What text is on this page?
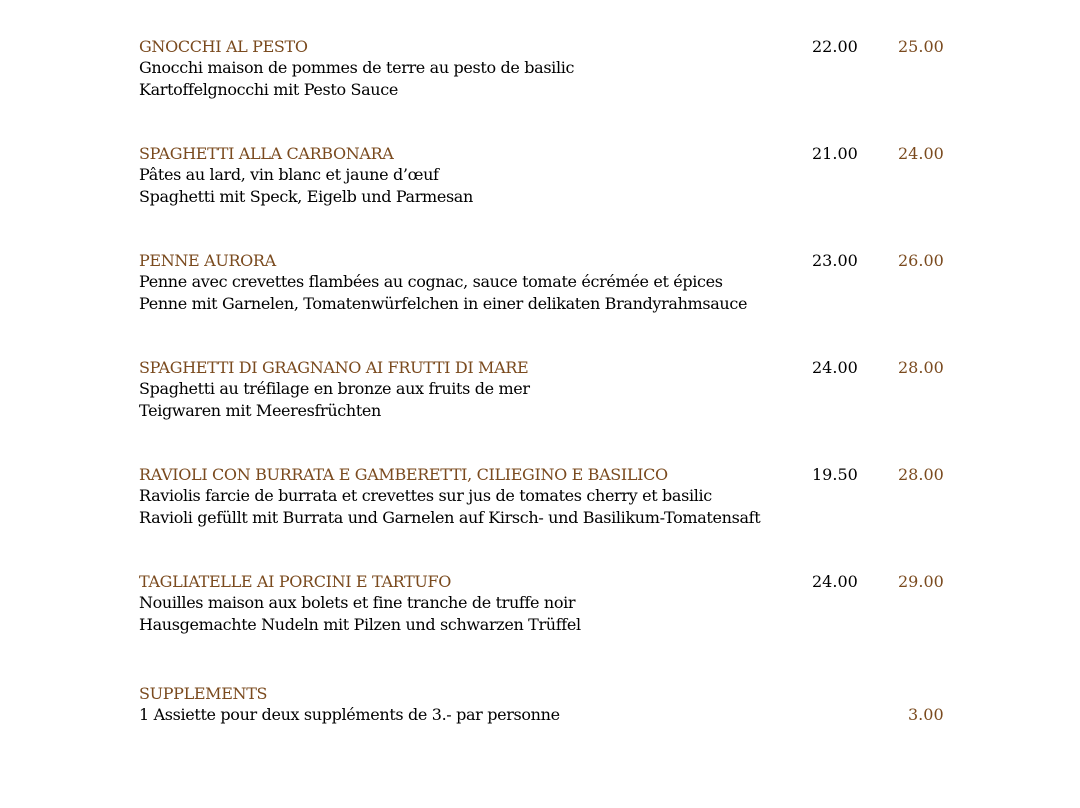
GNOCCHI AL PESTO
Gnocchi maison de pommes de terre au pesto de basilic
Kartoffelgnocchi mit Pesto Sauce
22.00	25.00
SPAGHETTI ALLA CARBONARA
Pâtes au lard, vin blanc et jaune d’œuf
Spaghetti mit Speck, Eigelb und Parmesan
21.00	24.00
PENNE AURORA
Penne avec crevettes flambées au cognac, sauce tomate écrémée et épices
Penne mit Garnelen, Tomatenwürfelchen in einer delikaten Brandyrahmsauce
23.00	26.00
SPAGHETTI DI GRAGNANO AI FRUTTI DI MARE
Spaghetti au tréfilage en bronze aux fruits de mer
Teigwaren mit Meeresfrüchten
24.00	28.00
RAVIOLI CON BURRATA E GAMBERETTI, CILIEGINO E BASILICO
Raviolis farcie de burrata et crevettes sur jus de tomates cherry et basilic
Ravioli gefüllt mit Burrata und Garnelen auf Kirsch- und Basilikum-Tomatensaft
19.50	28.00
TAGLIATELLE AI PORCINI E TARTUFO
Nouilles maison aux bolets et fine tranche de truffe noir
Hausgemachte Nudeln mit Pilzen und schwarzen Trüffel
24.00	29.00
SUPPLEMENTS
1 Assiette pour deux suppléments de 3.- par personne	3.00
